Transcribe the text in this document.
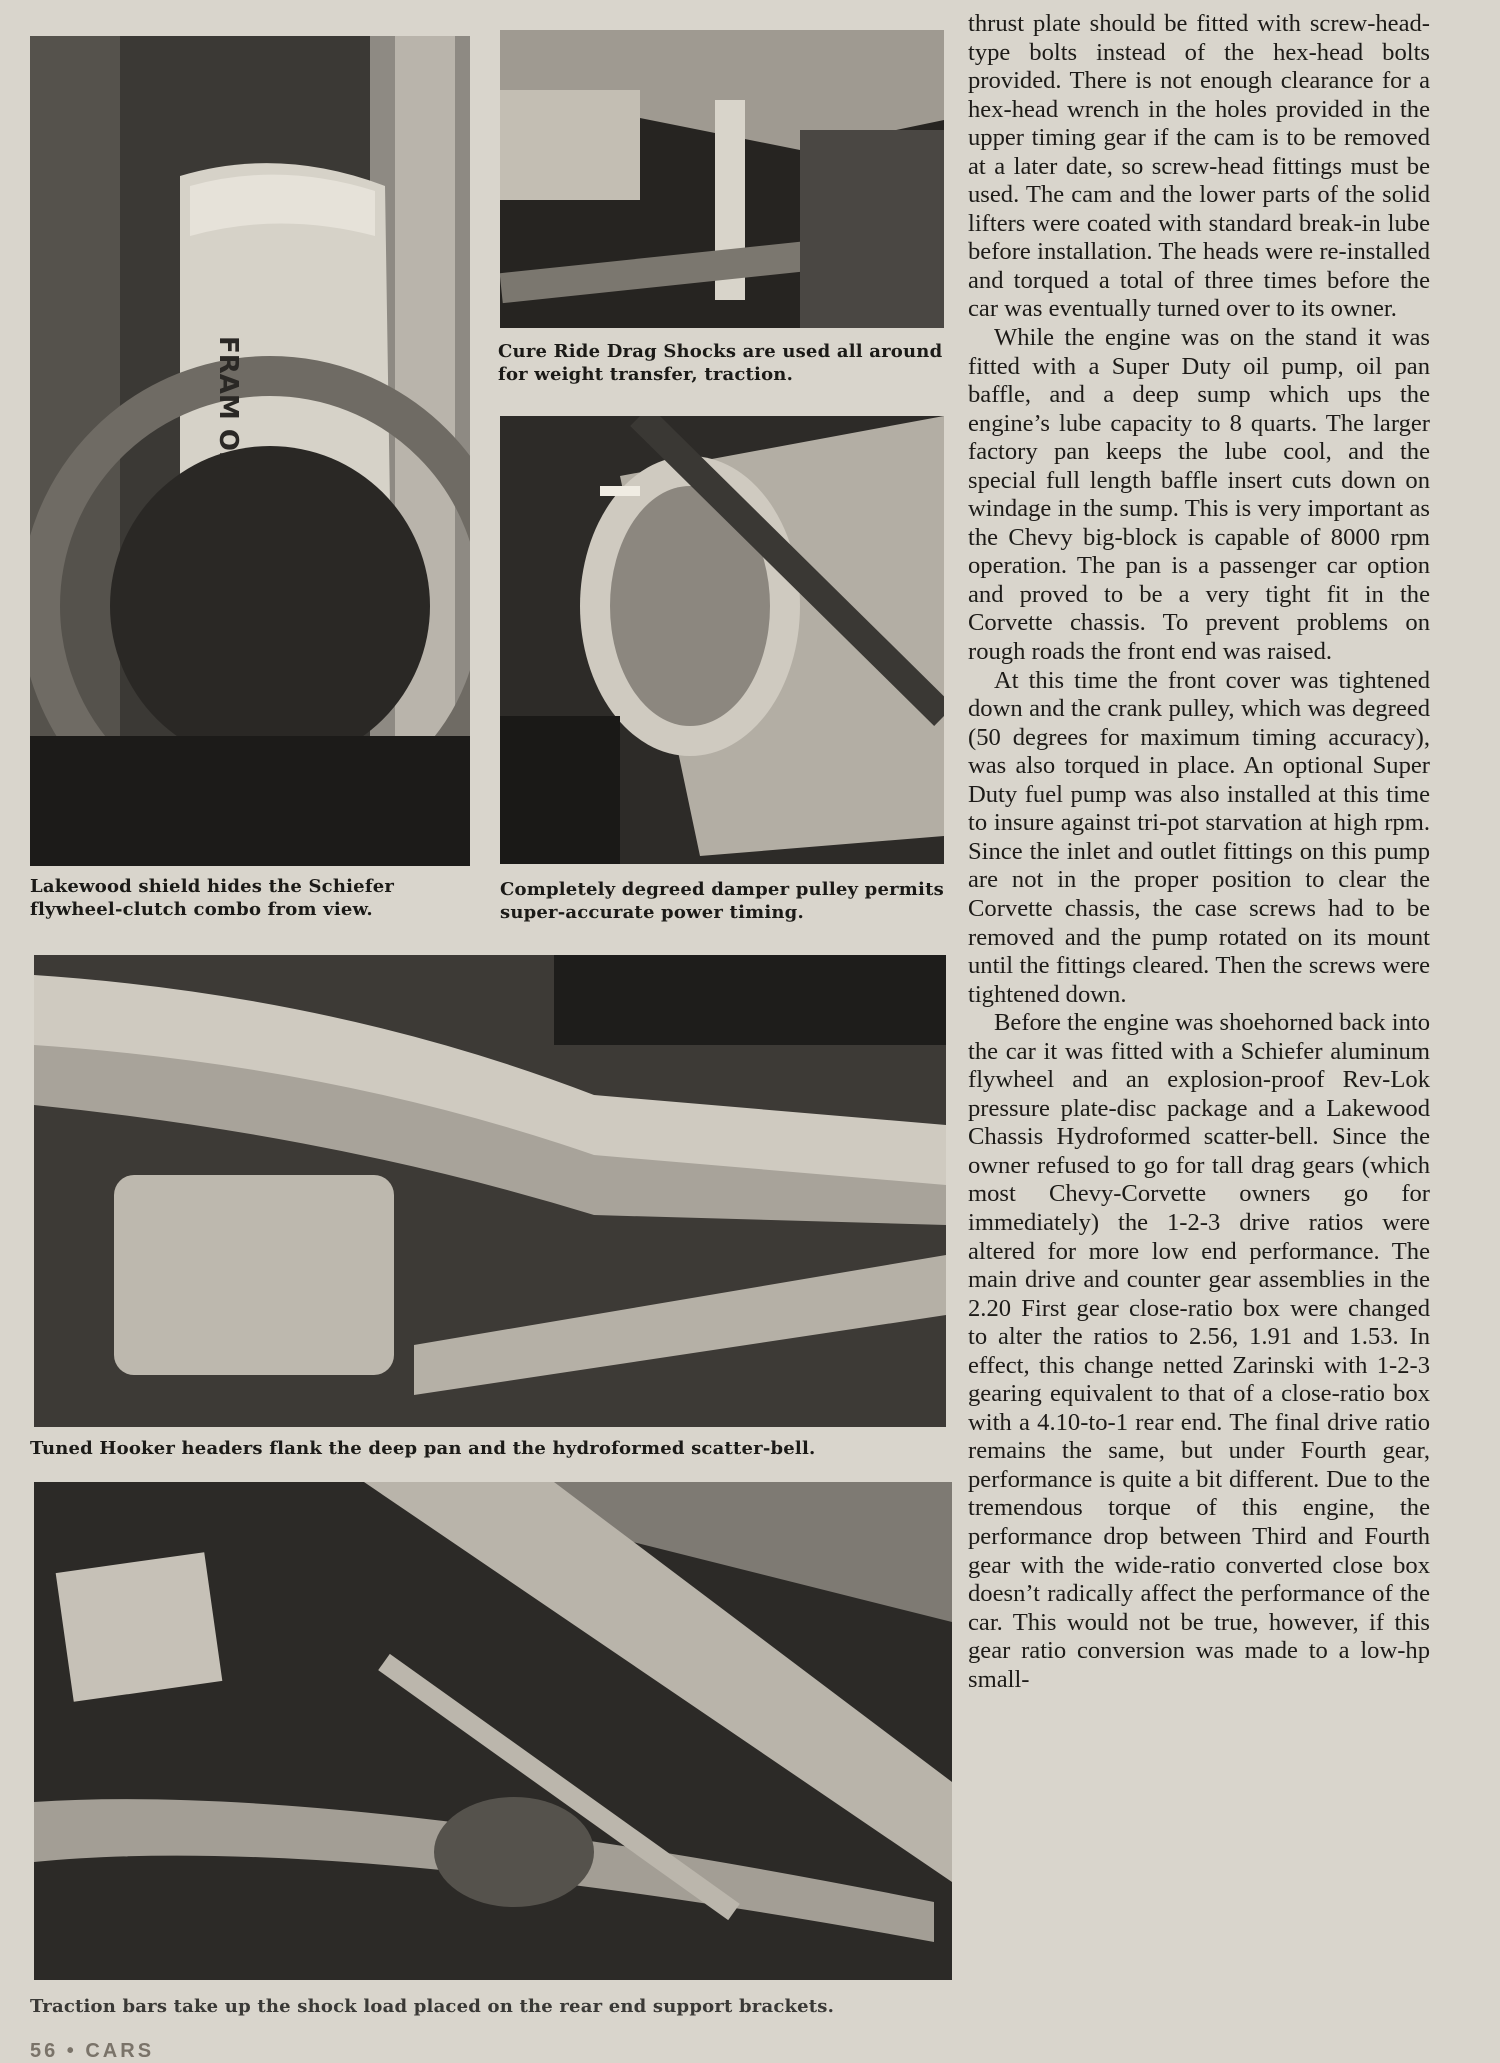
FRAM OIL
Lakewood shield hides the Schiefer flywheel-clutch combo from view.
Cure Ride Drag Shocks are used all around for weight transfer, traction.
Completely degreed damper pulley permits super-accurate power timing.
Tuned Hooker headers flank the deep pan and the hydroformed scatter-bell.
Traction bars take up the shock load placed on the rear end support brackets.

thrust plate should be fitted with screw-head-type bolts instead of the hex-head bolts provided. There is not enough clearance for a hex-head wrench in the holes provided in the upper timing gear if the cam is to be removed at a later date, so screw-head fittings must be used. The cam and the lower parts of the solid lifters were coated with standard break-in lube before installation. The heads were re-installed and torqued a total of three times before the car was eventually turned over to its owner.

While the engine was on the stand it was fitted with a Super Duty oil pump, oil pan baffle, and a deep sump which ups the engine’s lube capacity to 8 quarts. The larger factory pan keeps the lube cool, and the special full length baffle insert cuts down on windage in the sump. This is very important as the Chevy big-block is capable of 8000 rpm operation. The pan is a passenger car option and proved to be a very tight fit in the Corvette chassis. To prevent problems on rough roads the front end was raised.

At this time the front cover was tightened down and the crank pulley, which was degreed (50 degrees for maximum timing accuracy), was also torqued in place. An optional Super Duty fuel pump was also installed at this time to insure against tri-pot starvation at high rpm. Since the inlet and outlet fittings on this pump are not in the proper position to clear the Corvette chassis, the case screws had to be removed and the pump rotated on its mount until the fittings cleared. Then the screws were tightened down.

Before the engine was shoehorned back into the car it was fitted with a Schiefer aluminum flywheel and an explosion-proof Rev-Lok pressure plate-disc package and a Lakewood Chassis Hydroformed scatter-bell. Since the owner refused to go for tall drag gears (which most Chevy-Corvette owners go for immediately) the 1-2-3 drive ratios were altered for more low end performance. The main drive and counter gear assemblies in the 2.20 First gear close-ratio box were changed to alter the ratios to 2.56, 1.91 and 1.53. In effect, this change netted Zarinski with 1-2-3 gearing equivalent to that of a close-ratio box with a 4.10-to-1 rear end. The final drive ratio remains the same, but under Fourth gear, performance is quite a bit different. Due to the tremendous torque of this engine, the performance drop between Third and Fourth gear with the wide-ratio converted close box doesn’t radically affect the performance of the car. This would not be true, however, if this gear ratio conversion was made to a low-hp small-

56 • CARS
